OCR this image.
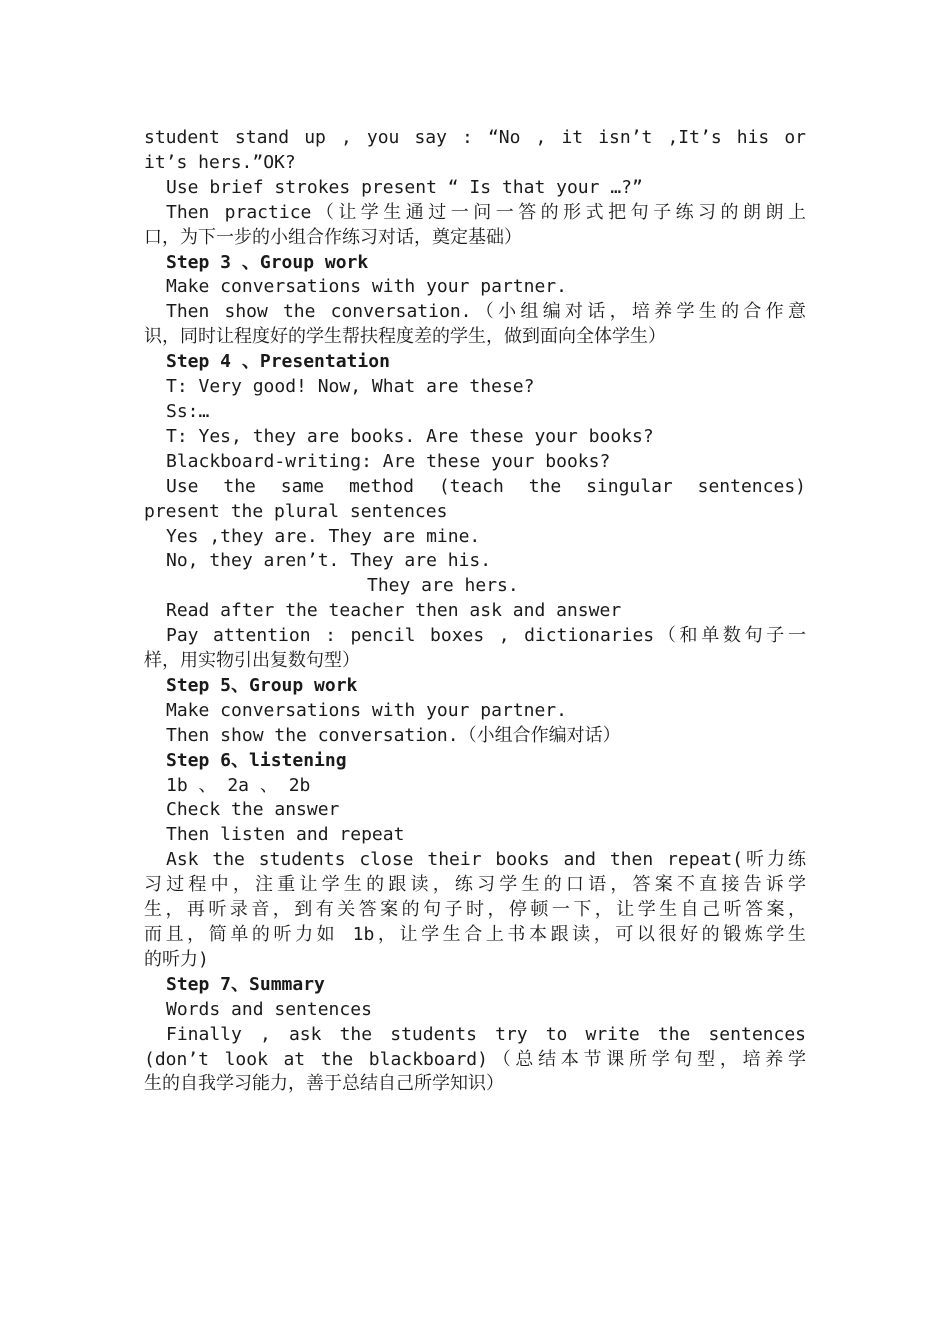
student stand up , you say : “No , it isn’t ,It’s his or
it’s hers.”OK?
Use brief strokes present “ Is that your …?”
Then practice（让学生通过一问一答的形式把句子练习的朗朗上
口，为下一步的小组合作练习对话，奠定基础）
Step 3 、Group work
Make conversations with your partner.
Then show the conversation.（小组编对话，培养学生的合作意
识，同时让程度好的学生帮扶程度差的学生，做到面向全体学生）
Step 4 、Presentation
T: Very good! Now, What are these?
Ss:…
T: Yes, they are books. Are these your books?
Blackboard-writing: Are these your books?
Use the same method (teach the singular sentences)
present the plural sentences
Yes ,they are. They are mine.
No, they aren’t. They are his.
They are hers.
Read after the teacher then ask and answer
Pay attention : pencil boxes , dictionaries（和单数句子一
样，用实物引出复数句型）
Step 5、Group work
Make conversations with your partner.
Then show the conversation.（小组合作编对话）
Step 6、listening
1b 、 2a 、 2b
Check the answer
Then listen and repeat
Ask the students close their books and then repeat(听力练
习过程中，注重让学生的跟读，练习学生的口语，答案不直接告诉学
生，再听录音，到有关答案的句子时，停顿一下，让学生自己听答案，
而且，简单的听力如 1b，让学生合上书本跟读，可以很好的锻炼学生
的听力)
Step 7、Summary
Words and sentences
Finally , ask the students try to write the sentences
(don’t look at the blackboard)（总结本节课所学句型，培养学
生的自我学习能力，善于总结自己所学知识）
